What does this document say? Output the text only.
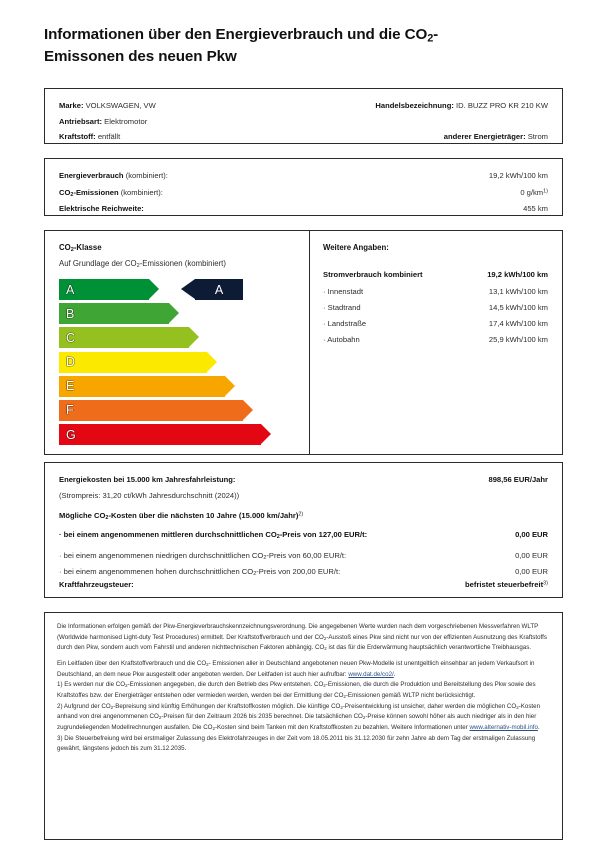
Informationen über den Energieverbrauch und die $CO_2-$
Emissonen des neuen Pkw
Marke: VOLKSWAGEN, VW	Handelsbezeichnung: ID. BUZZ PRO KR 210 KW
Antriebsart: Elektromotor
Kraftstoff: entfällt	anderer Energieträger: Strom
Energieverbrauch (kombiniert):	19,2 kWh/100 km
$CO_2$-Emissionen (kombiniert):	0 $g/km^{1)}$
Elektrische Reichweite:	455 km
$CO_2$-Klasse
Auf Grundlage der $CO_2$-Emissionen (kombiniert)
A
B
C
D
E
F
G
A
Weitere Angaben:
Stromverbrauch kombiniert	19,2 kWh/100 km
· Innenstadt	13,1 kWh/100 km
· Stadtrand	14,5 kWh/100 km
· Landstraße	17,4 kWh/100 km
· Autobahn	25,9 kWh/100 km
Energiekosten bei 15.000 km Jahresfahrleistung:	898,56 EUR/Jahr
(Strompreis: 31,20 ct/kWh Jahresdurchschnitt (2024))
Mögliche $CO_2$-Kosten über die nächsten 10 Jahre (15.000 km/Jahr)$^{2)}$
· bei einem angenommenen mittleren durchschnittlichen $CO_2$-Preis von 127,00 EUR/t:	0,00 EUR
· bei einem angenommenen niedrigen durchschnittlichen $CO_2$-Preis von 60,00 EUR/t:	0,00 EUR
· bei einem angenommenen hohen durchschnittlichen $CO_2$-Preis von 200,00 EUR/t:	0,00 EUR
Kraftfahrzeugsteuer:	befristet steuerbefreit$^{3)}$

Die Informationen erfolgen gemäß der Pkw-Energieverbrauchskennzeichnungsverordnung. Die angegebenen Werte wurden nach dem vorgeschriebenen Messverfahren WLTP (Worldwide harmonised Light-duty Test Procedures) ermittelt. Der Kraftstoffverbrauch und der $CO_2$-Ausstoß eines Pkw sind nicht nur von der effizienten Ausnutzung des Kraftstoffs durch den Pkw, sondern auch vom Fahrstil und anderen nichttechnischen Faktoren abhängig. $CO_2$ ist das für die Erderwärmung hauptsächlich verantwortliche Treibhausgas.

Ein Leitfaden über den Kraftstoffverbrauch und die $CO_2-$ Emissionen aller in Deutschland angebotenen neuen Pkw-Modelle ist unentgeltlich einsehbar an jedem Verkaufsort in Deutschland, an dem neue Pkw ausgestellt oder angeboten werden. Der Leitfaden ist auch hier aufrufbar: www.dat.de/co2/.

1) Es werden nur die $CO_2$-Emissionen angegeben, die durch den Betrieb des Pkw entstehen. $CO_2$-Emissionen, die durch die Produktion und Bereitstellung des Pkw sowie des Kraftstoffes bzw. der Energieträger entstehen oder vermieden werden, werden bei der Ermittlung der $CO_2$-Emissionen gemäß WLTP nicht berücksichtigt.

2) Aufgrund der $CO_2$-Bepreisung sind künftig Erhöhungen der Kraftstoffkosten möglich. Die künftige $CO_2$-Preisentwicklung ist unsicher, daher werden die möglichen $CO_2$-Kosten anhand von drei angenommenen $CO_2$-Preisen für den Zeitraum 2026 bis 2035 berechnet. Die tatsächlichen $CO_2$-Preise können sowohl höher als auch niedriger als in den hier zugrundeliegenden Modellrechnungen ausfallen. Die $CO_2$-Kosten sind beim Tanken mit den Kraftstoffkosten zu bezahlen. Weitere Informationen unter www.alternativ-mobil.info.

3) Die Steuerbefreiung wird bei erstmaliger Zulassung des Elektrofahrzeuges in der Zeit vom 18.05.2011 bis 31.12.2030 für zehn Jahre ab dem Tag der erstmaligen Zulassung gewährt, längstens jedoch bis zum 31.12.2035.
